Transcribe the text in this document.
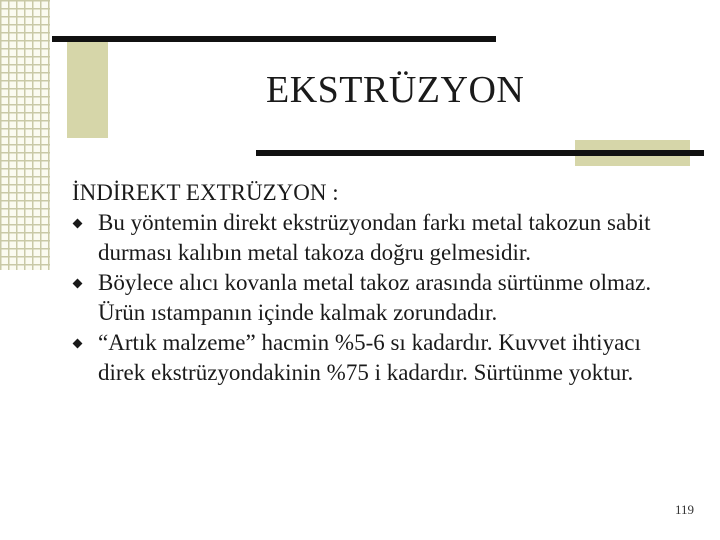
EKSTRÜZYON

İNDİREKT EXTRÜZYON :

Bu yöntemin direkt ekstrüzyondan farkı metal takozun sabit durması kalıbın metal takoza doğru gelmesidir.
Böylece alıcı kovanla metal takoz arasında sürtünme olmaz. Ürün ıstampanın içinde kalmak zorundadır.
“Artık malzeme” hacmin %5-6 sı kadardır. Kuvvet ihtiyacı direk ekstrüzyondakinin %75 i kadardır. Sürtünme yoktur.
119
